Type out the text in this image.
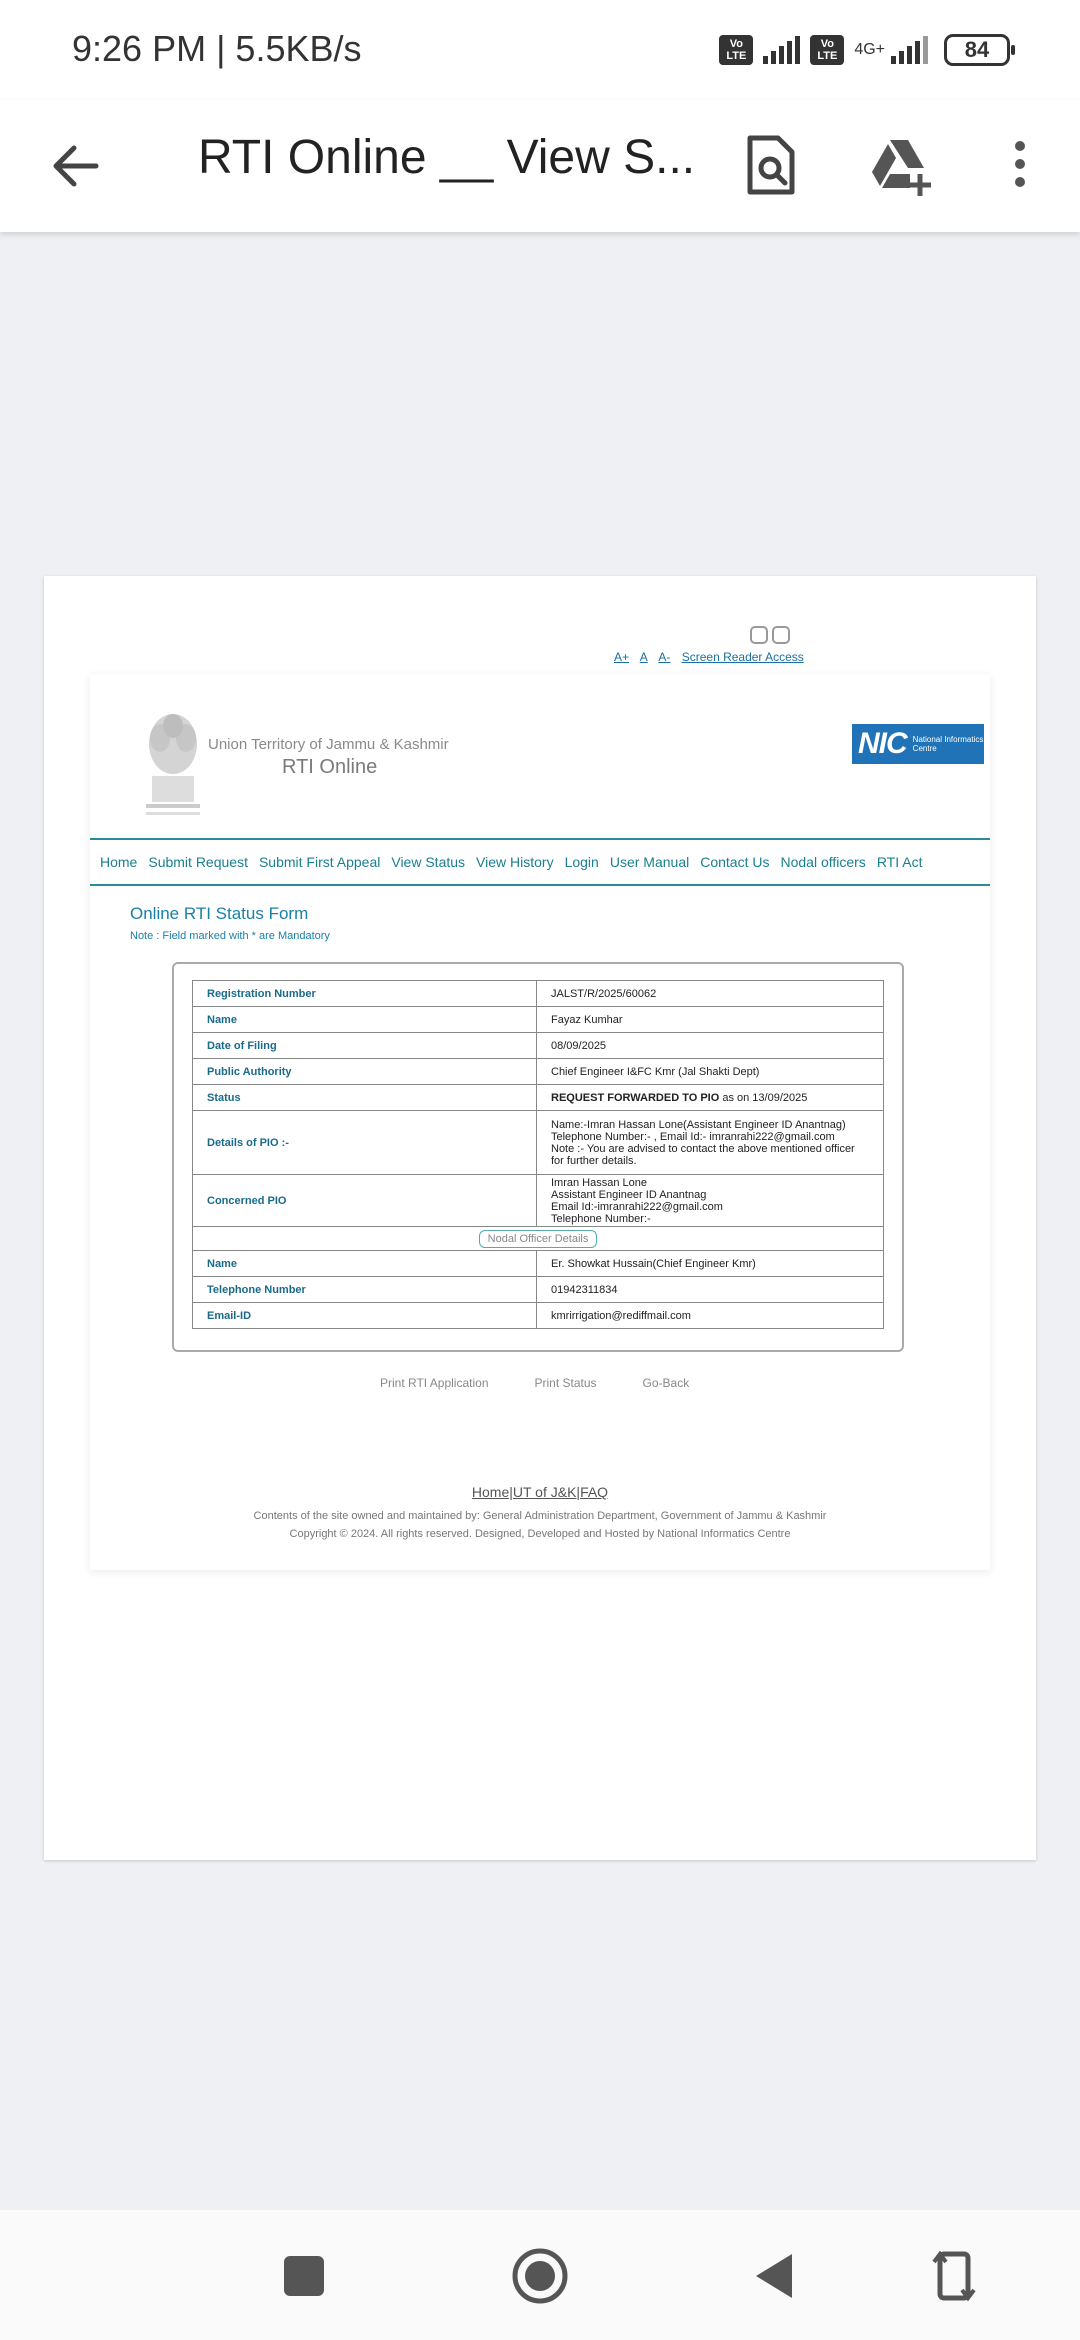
9:26 PM | 5.5KB/s	Vo LTE
Vo LTE	4G+	84
RTI Online __ View S...
A+ A A- Screen Reader Access
Union Territory of Jammu & Kashmir
RTI Online
NIC National Informatics Centre
Home Submit Request Submit First Appeal View Status View History Login User Manual Contact Us Nodal officers RTI Act
Online RTI Status Form
Note : Field marked with * are Mandatory
Registration Number	JALST/R/2025/60062
Name	Fayaz Kumhar
Date of Filing	08/09/2025
Public Authority	Chief Engineer I&FC Kmr (Jal Shakti Dept)
Status	REQUEST FORWARDED TO PIO as on 13/09/2025
Details of PIO :-	Name:-Imran Hassan Lone(Assistant Engineer ID Anantnag)
Telephone Number:- , Email Id:- imranrahi222@gmail.com
Note :- You are advised to contact the above mentioned officer for further details.

Concerned PIO	Imran Hassan Lone
Assistant Engineer ID Anantnag
Email Id:-imranrahi222@gmail.com
Telephone Number:-

Nodal Officer Details	
Name	Er. Showkat Hussain(Chief Engineer Kmr)
Telephone Number	01942311834
Email-ID	kmrirrigation@rediffmail.com
Print RTI Application	Print Status	Go-Back
Home|UT of J&K|FAQ
Contents of the site owned and maintained by: General Administration Department, Government of Jammu & Kashmir
Copyright © 2024. All rights reserved. Designed, Developed and Hosted by National Informatics Centre
